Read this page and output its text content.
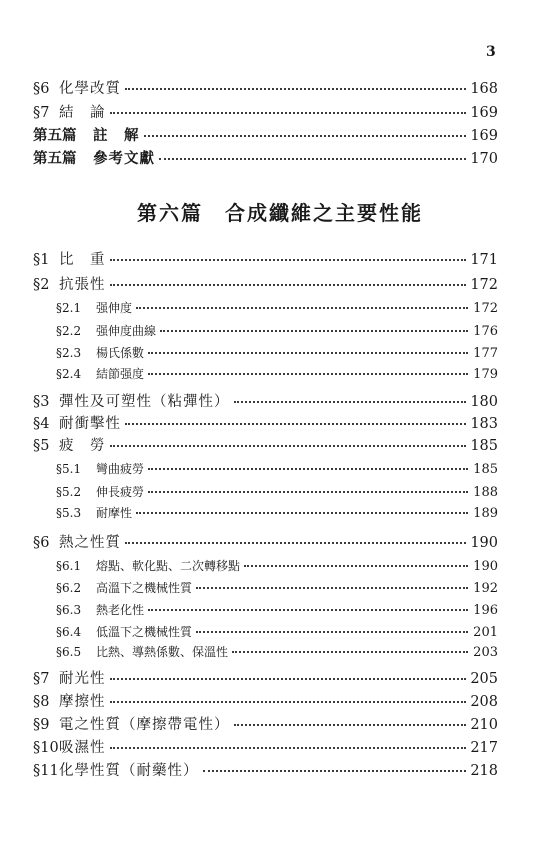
3
§6 化學改質	168
§7 結　論	169
第五篇	註　解	169
第五篇	參考文獻	170
第六篇　合成纖維之主要性能
§1 比　重	171
§2 抗張性	172
§2.1	强伸度	172
§2.2	强伸度曲線	176
§2.3	楊氏係數	177
§2.4	結節强度	179
§3 彈性及可塑性（粘彈性）	180
§4 耐衝擊性	183
§5 疲　勞	185
§5.1	彎曲疲勞	185
§5.2	伸長疲勞	188
§5.3	耐摩性	189
§6 熱之性質	190
§6.1	熔點、軟化點、二次轉移點	190
§6.2	高溫下之機械性質	192
§6.3	熱老化性	196
§6.4	低溫下之機械性質	201
§6.5	比熱、導熱係數、保溫性	203
§7 耐光性	205
§8 摩擦性	208
§9 電之性質（摩擦帶電性）	210
§10 吸濕性	217
§11 化學性質（耐藥性）	218
